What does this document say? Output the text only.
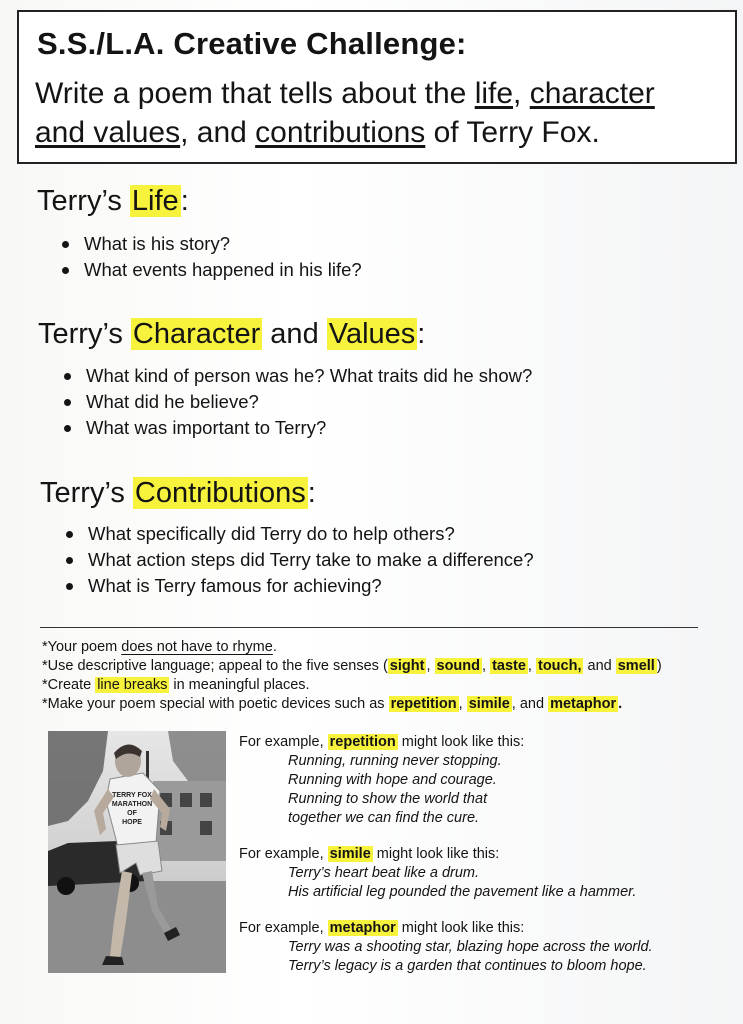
S.S./L.A. Creative Challenge:
Write a poem that tells about the life, character
and values, and contributions of Terry Fox.
Terry’s Life:
What is his story?
What events happened in his life?
Terry’s Character and Values:
What kind of person was he? What traits did he show?
What did he believe?
What was important to Terry?
Terry’s Contributions:
What specifically did Terry do to help others?
What action steps did Terry take to make a difference?
What is Terry famous for achieving?
*Your poem does not have to rhyme.
*Use descriptive language; appeal to the five senses ( sight , sound , taste , touch, and smell )
*Create line breaks in meaningful places.
*Make your poem special with poetic devices such as repetition , simile , and metaphor .
TERRY FOX
MARATHON
OF
HOPE
For example, repetition might look like this:
Running, running never stopping.
Running with hope and courage.
Running to show the world that
together we can find the cure.
For example, simile might look like this:
Terry’s heart beat like a drum.
His artificial leg pounded the pavement like a hammer.
For example, metaphor might look like this:
Terry was a shooting star, blazing hope across the world.
Terry’s legacy is a garden that continues to bloom hope.
